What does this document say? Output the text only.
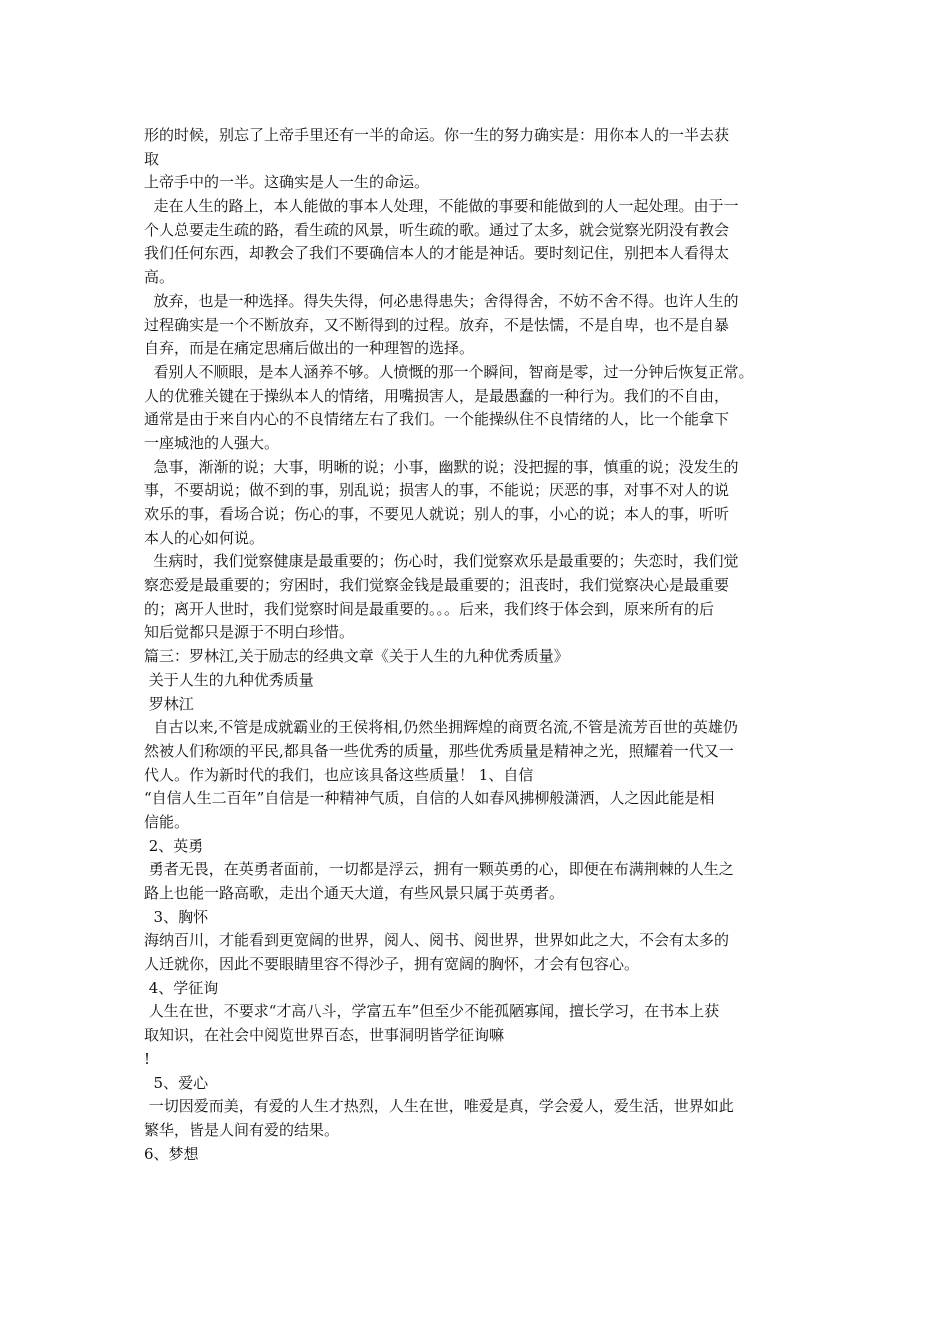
形的时候，别忘了上帝手里还有一半的命运。你一生的努力确实是：用你本人的一半去获
取
上帝手中的一半。这确实是人一生的命运。
走在人生的路上，本人能做的事本人处理，不能做的事要和能做到的人一起处理。由于一
个人总要走生疏的路，看生疏的风景，听生疏的歌。通过了太多，就会觉察光阴没有教会
我们任何东西，却教会了我们不要确信本人的才能是神话。要时刻记住，别把本人看得太
高。
放弃，也是一种选择。得失失得，何必患得患失；舍得得舍，不妨不舍不得。也许人生的
过程确实是一个不断放弃，又不断得到的过程。放弃，不是怯懦，不是自卑，也不是自暴
自弃，而是在痛定思痛后做出的一种理智的选择。
看别人不顺眼，是本人涵养不够。人愤慨的那一个瞬间，智商是零，过一分钟后恢复正常。
人的优雅关键在于操纵本人的情绪，用嘴损害人，是最愚蠢的一种行为。我们的不自由，
通常是由于来自内心的不良情绪左右了我们。一个能操纵住不良情绪的人，比一个能拿下
一座城池的人强大。
急事，渐渐的说；大事，明晰的说；小事，幽默的说；没把握的事，慎重的说；没发生的
事，不要胡说；做不到的事，别乱说；损害人的事，不能说；厌恶的事，对事不对人的说
欢乐的事，看场合说；伤心的事，不要见人就说；别人的事，小心的说；本人的事，听听
本人的心如何说。
生病时，我们觉察健康是最重要的；伤心时，我们觉察欢乐是最重要的；失恋时，我们觉
察恋爱是最重要的；穷困时，我们觉察金钱是最重要的；沮丧时，我们觉察决心是最重要
的；离开人世时，我们觉察时间是最重要的。。。后来，我们终于体会到，原来所有的后
知后觉都只是源于不明白珍惜。
篇三：罗林江,关于励志的经典文章《关于人生的九种优秀质量》
关于人生的九种优秀质量
罗林江
自古以来,不管是成就霸业的王侯将相,仍然坐拥辉煌的商贾名流,不管是流芳百世的英雄仍
然被人们称颂的平民,都具备一些优秀的质量，那些优秀质量是精神之光，照耀着一代又一
代人。作为新时代的我们，也应该具备这些质量！ 1、自信
“自信人生二百年”自信是一种精神气质，自信的人如春风拂柳般潇洒，人之因此能是相
信能。
2、英勇
勇者无畏，在英勇者面前，一切都是浮云，拥有一颗英勇的心，即便在布满荆棘的人生之
路上也能一路高歌，走出个通天大道，有些风景只属于英勇者。
3、胸怀
海纳百川，才能看到更宽阔的世界，阅人、阅书、阅世界，世界如此之大，不会有太多的
人迁就你，因此不要眼睛里容不得沙子，拥有宽阔的胸怀，才会有包容心。
4、学征询
人生在世，不要求“才高八斗，学富五车”但至少不能孤陋寡闻，擅长学习，在书本上获
取知识，在社会中阅览世界百态，世事洞明皆学征询嘛
!
5、爱心
一切因爱而美，有爱的人生才热烈，人生在世，唯爱是真，学会爱人，爱生活，世界如此
繁华，皆是人间有爱的结果。
6、梦想
